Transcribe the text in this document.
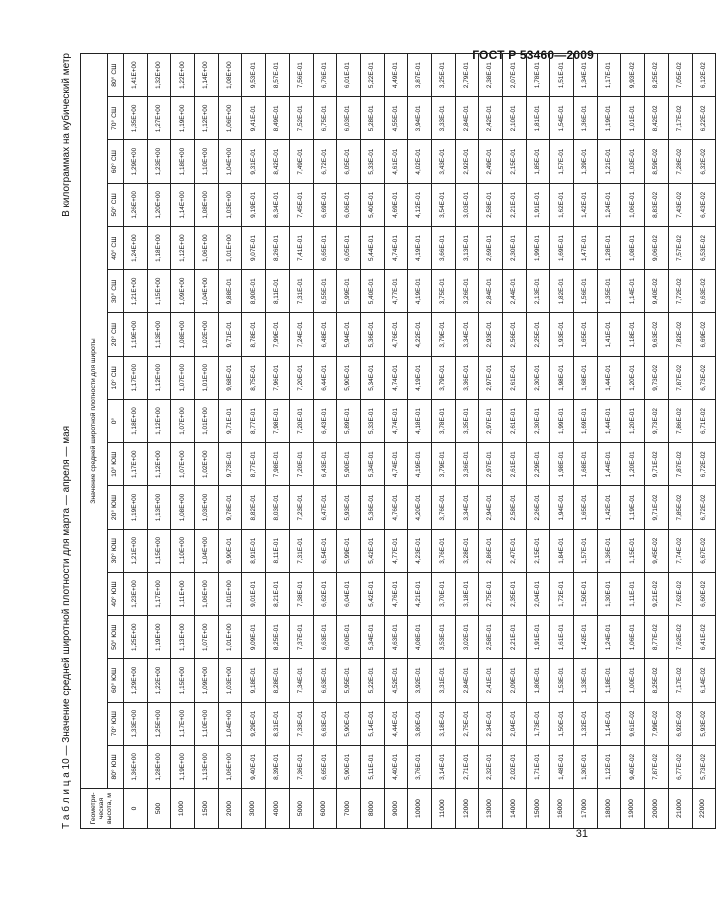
ГОСТ Р 53460—2009
Т а б л и ц а 10 — Значение средней широтной плотности для марта — апреля — мая
В килограммах на кубический метр
Геометри-ческая высота, м	Значение средней широтной плотности для широты																
	80° ЮШ	70° ЮШ	60° ЮШ	50° ЮШ	40° ЮШ	30° ЮШ	20° ЮШ	10° ЮШ	0°	10° СШ	20° СШ	30° СШ	40° СШ	50° СШ	60° СШ	70° СШ	80° СШ
0	1,36E+00	1,33E+00	1,29E+00	1,25E+00	1,23E+00	1,21E+00	1,19E+00	1,17E+00	1,18E+00	1,17E+00	1,19E+00	1,21E+00	1,24E+00	1,26E+00	1,29E+00	1,35E+00	1,41E+00
500	1,28E+00	1,25E+00	1,22E+00	1,19E+00	1,17E+00	1,15E+00	1,13E+00	1,12E+00	1,12E+00	1,12E+00	1,13E+00	1,15E+00	1,18E+00	1,20E+00	1,23E+00	1,27E+00	1,32E+00
1000	1,19E+00	1,17E+00	1,15E+00	1,13E+00	1,11E+00	1,10E+00	1,08E+00	1,07E+00	1,07E+00	1,07E+00	1,08E+00	1,09E+00	1,12E+00	1,14E+00	1,18E+00	1,19E+00	1,22E+00
1500	1,13E+00	1,10E+00	1,09E+00	1,07E+00	1,06E+00	1,04E+00	1,03E+00	1,02E+00	1,01E+00	1,01E+00	1,02E+00	1,04E+00	1,06E+00	1,08E+00	1,10E+00	1,12E+00	1,14E+00
2000	1,06E+00	1,04E+00	1,03E+00	1,01E+00	1,01E+00	9,90E-01	9,78E-01	9,73E-01	9,71E-01	9,68E-01	9,71E-01	9,88E-01	1,01E+00	1,03E+00	1,04E+00	1,06E+00	1,08E+00
3000	9,40E-01	9,29E-01	9,18E-01	9,09E-01	9,01E-01	8,91E-01	8,82E-01	8,77E-01	8,77E-01	8,75E-01	8,78E-01	8,90E-01	9,07E-01	9,19E-01	9,31E-01	9,41E-01	9,53E-01
4000	8,39E-01	8,31E-01	8,28E-01	8,25E-01	8,21E-01	8,11E-01	8,03E-01	7,98E-01	7,98E-01	7,96E-01	7,99E-01	8,11E-01	8,26E-01	8,34E-01	8,42E-01	8,49E-01	8,57E-01
5000	7,36E-01	7,33E-01	7,34E-01	7,37E-01	7,38E-01	7,31E-01	7,23E-01	7,20E-01	7,20E-01	7,20E-01	7,24E-01	7,31E-01	7,41E-01	7,45E-01	7,49E-01	7,52E-01	7,56E-01
6000	6,65E-01	6,63E-01	6,63E-01	6,63E-01	6,62E-01	6,54E-01	6,47E-01	6,43E-01	6,43E-01	6,44E-01	6,48E-01	6,55E-01	6,65E-01	6,69E-01	6,72E-01	6,75E-01	6,76E-01
7000	5,90E-01	5,90E-01	5,95E-01	6,00E-01	6,04E-01	5,99E-01	5,93E-01	5,90E-01	5,89E-01	5,90E-01	5,94E-01	5,99E-01	6,05E-01	6,06E-01	6,05E-01	6,03E-01	6,01E-01
8000	5,11E-01	5,14E-01	5,22E-01	5,34E-01	5,42E-01	5,42E-01	5,36E-01	5,34E-01	5,33E-01	5,34E-01	5,36E-01	5,40E-01	5,44E-01	5,40E-01	5,33E-01	5,28E-01	5,22E-01
9000	4,40E-01	4,44E-01	4,52E-01	4,63E-01	4,76E-01	4,77E-01	4,76E-01	4,74E-01	4,74E-01	4,74E-01	4,76E-01	4,77E-01	4,74E-01	4,69E-01	4,61E-01	4,55E-01	4,49E-01
10000	3,76E-01	3,80E-01	3,92E-01	4,08E-01	4,21E-01	4,23E-01	4,20E-01	4,19E-01	4,18E-01	4,19E-01	4,22E-01	4,19E-01	4,19E-01	4,12E-01	4,02E-01	3,94E-01	3,87E-01
11000	3,14E-01	3,18E-01	3,31E-01	3,53E-01	3,70E-01	3,76E-01	3,76E-01	3,79E-01	3,78E-01	3,79E-01	3,79E-01	3,75E-01	3,66E-01	3,54E-01	3,43E-01	3,33E-01	3,25E-01
12000	2,71E-01	2,75E-01	2,84E-01	3,02E-01	3,18E-01	3,28E-01	3,34E-01	3,36E-01	3,35E-01	3,36E-01	3,34E-01	3,26E-01	3,13E-01	3,03E-01	2,92E-01	2,84E-01	2,79E-01
13000	2,32E-01	2,34E-01	2,41E-01	2,58E-01	2,75E-01	2,86E-01	2,94E-01	2,97E-01	2,97E-01	2,97E-01	2,93E-01	2,84E-01	2,69E-01	2,58E-01	2,49E-01	2,42E-01	2,38E-01
14000	2,02E-01	2,04E-01	2,09E-01	2,21E-01	2,35E-01	2,47E-01	2,58E-01	2,61E-01	2,61E-01	2,61E-01	2,56E-01	2,44E-01	2,30E-01	2,21E-01	2,15E-01	2,10E-01	2,07E-01
15000	1,71E-01	1,73E-01	1,80E-01	1,91E-01	2,04E-01	2,15E-01	2,26E-01	2,29E-01	2,30E-01	2,30E-01	2,25E-01	2,13E-01	1,99E-01	1,91E-01	1,85E-01	1,81E-01	1,78E-01
16000	1,48E-01	1,50E-01	1,53E-01	1,61E-01	1,72E-01	1,84E-01	1,94E-01	1,98E-01	1,99E-01	1,98E-01	1,93E-01	1,82E-01	1,69E-01	1,62E-01	1,57E-01	1,54E-01	1,51E-01
17000	1,30E-01	1,32E-01	1,33E-01	1,42E-01	1,50E-01	1,57E-01	1,65E-01	1,68E-01	1,69E-01	1,68E-01	1,65E-01	1,56E-01	1,47E-01	1,42E-01	1,39E-01	1,36E-01	1,34E-01
18000	1,12E-01	1,14E-01	1,18E-01	1,24E-01	1,30E-01	1,36E-01	1,42E-01	1,44E-01	1,44E-01	1,44E-01	1,41E-01	1,35E-01	1,28E-01	1,24E-01	1,21E-01	1,19E-01	1,17E-01
19000	9,40E-02	9,61E-02	1,00E-01	1,06E-01	1,11E-01	1,15E-01	1,19E-01	1,20E-01	1,20E-01	1,20E-01	1,18E-01	1,14E-01	1,08E-01	1,06E-01	1,03E-01	1,01E-01	9,93E-02
20000	7,87E-02	7,99E-02	8,25E-02	8,77E-02	9,21E-02	9,45E-02	9,71E-02	9,71E-02	9,73E-02	9,73E-02	9,63E-02	9,40E-02	9,06E-02	8,83E-02	8,59E-02	8,42E-02	8,25E-02
21000	6,77E-02	6,92E-02	7,17E-02	7,62E-02	7,62E-02	7,74E-02	7,85E-02	7,87E-02	7,86E-02	7,87E-02	7,82E-02	7,72E-02	7,57E-02	7,43E-02	7,28E-02	7,17E-02	7,05E-02
22000	5,73E-02	5,93E-02	6,14E-02	6,41E-02	6,60E-02	6,67E-02	6,72E-02	6,72E-02	6,71E-02	6,73E-02	6,69E-02	6,63E-02	6,53E-02	6,43E-02	6,32E-02	6,22E-02	6,12E-02
31
